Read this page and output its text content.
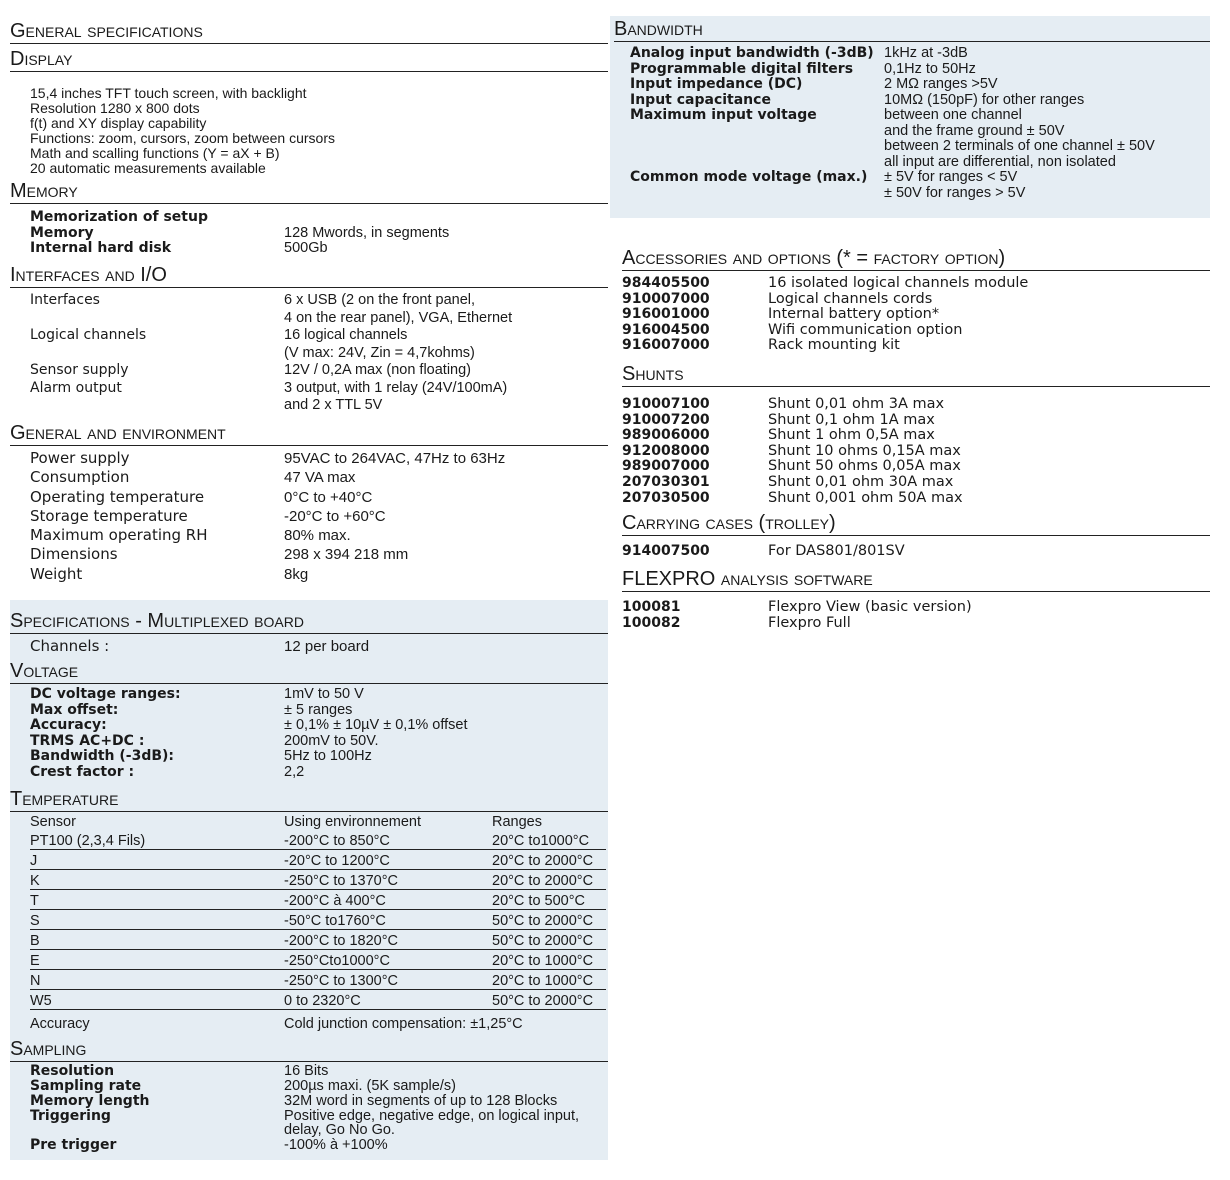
General specifications
Display
15,4 inches TFT touch screen, with backlight
Resolution 1280 x 800 dots
f(t) and XY display capability
Functions: zoom, cursors, zoom between cursors
Math and scalling functions (Y = aX + B)
20 automatic measurements available
Memory
Memorization of setup
Memory	128 Mwords, in segments
Internal hard disk	500Gb
Interfaces and I/O
Interfaces	6 x USB (2 on the front panel,
4 on the rear panel), VGA, Ethernet
Logical channels	16 logical channels
(V max: 24V, Zin = 4,7kohms)
Sensor supply	12V / 0,2A max (non floating)
Alarm output	3 output, with 1 relay (24V/100mA)
and 2 x TTL 5V
General and environment
Power supply	95VAC to 264VAC, 47Hz to 63Hz
Consumption	47 VA max
Operating temperature	0°C to +40°C
Storage temperature	-20°C to +60°C
Maximum operating RH	80% max.
Dimensions	298 x 394 218 mm
Weight	8kg
Specifications - Multiplexed board
Channels :	12 per board
Voltage
DC voltage ranges:	1mV to 50 V
Max offset:	± 5 ranges
Accuracy:	± 0,1% ± 10µV ± 0,1% offset
TRMS AC+DC :	200mV to 50V.
Bandwidth (-3dB):	5Hz to 100Hz
Crest factor :	2,2
Temperature
Sensor	Using environnement	Ranges
PT100 (2,3,4 Fils)	-200°C to 850°C	20°C to1000°C
J	-20°C to 1200°C	20°C to 2000°C
K	-250°C to 1370°C	20°C to 2000°C
T	-200°C à 400°C	20°C to 500°C
S	-50°C to1760°C	50°C to 2000°C
B	-200°C to 1820°C	50°C to 2000°C
E	-250°Cto1000°C	20°C to 1000°C
N	-250°C to 1300°C	20°C to 1000°C
W5	0 to 2320°C	50°C to 2000°C
Accuracy	Cold junction compensation: ±1,25°C	
Sampling
Resolution	16 Bits
Sampling rate	200µs maxi. (5K sample/s)
Memory length	32M word in segments of up to 128 Blocks
Triggering	Positive edge, negative edge, on logical input,
delay, Go No Go.
Pre trigger	-100% à +100%
Bandwidth
Analog input bandwidth (-3dB) 1kHz at -3dB
Programmable digital filters	0,1Hz to 50Hz
Input impedance (DC)	2 MΩ ranges >5V
Input capacitance	10MΩ (150pF) for other ranges
Maximum input voltage	between one channel
and the frame ground ± 50V
between 2 terminals of one channel ± 50V
all input are differential, non isolated
Common mode voltage (max.)	± 5V for ranges < 5V
± 50V for ranges > 5V
Accessories and options (* = factory option)
984405500	16 isolated logical channels module
910007000	Logical channels cords
916001000	Internal battery option*
916004500	Wifi communication option
916007000	Rack mounting kit
Shunts
910007100	Shunt 0,01 ohm 3A max
910007200	Shunt 0,1 ohm 1A max
989006000	Shunt 1 ohm 0,5A max
912008000	Shunt 10 ohms 0,15A max
989007000	Shunt 50 ohms 0,05A max
207030301	Shunt 0,01 ohm 30A max
207030500	Shunt 0,001 ohm 50A max
Carrying cases (trolley)
914007500	For DAS801/801SV
FLEXPRO analysis software
100081	Flexpro View (basic version)
100082	Flexpro Full
